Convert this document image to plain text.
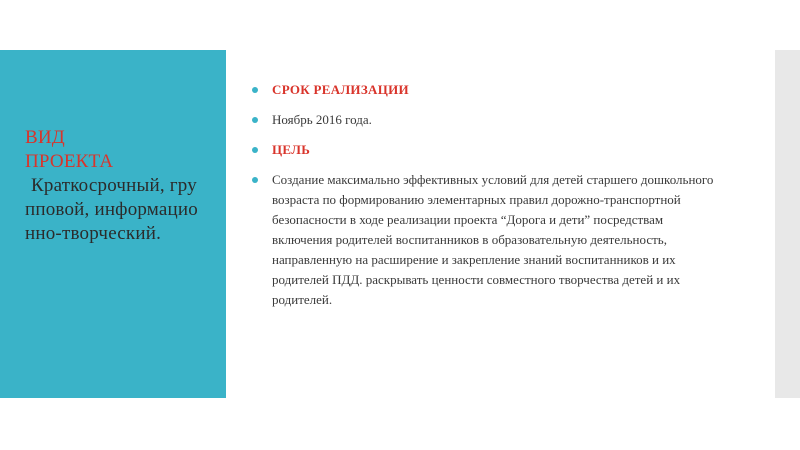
ВИД
ПРОЕКТА
Краткосрочный, групповой, информационно-творческий.
СРОК РЕАЛИЗАЦИИ
Ноябрь 2016 года.
ЦЕЛЬ
Создание максимально эффективных условий для детей старшего дошкольного возраста по формированию элементарных правил дорожно-транспортной безопасности в ходе реализации проекта “Дорога и дети” посредствам включения родителей воспитанников в образовательную деятельность, направленную на расширение и закрепление знаний воспитанников и их родителей ПДД. раскрывать ценности совместного творчества детей и их родителей.
